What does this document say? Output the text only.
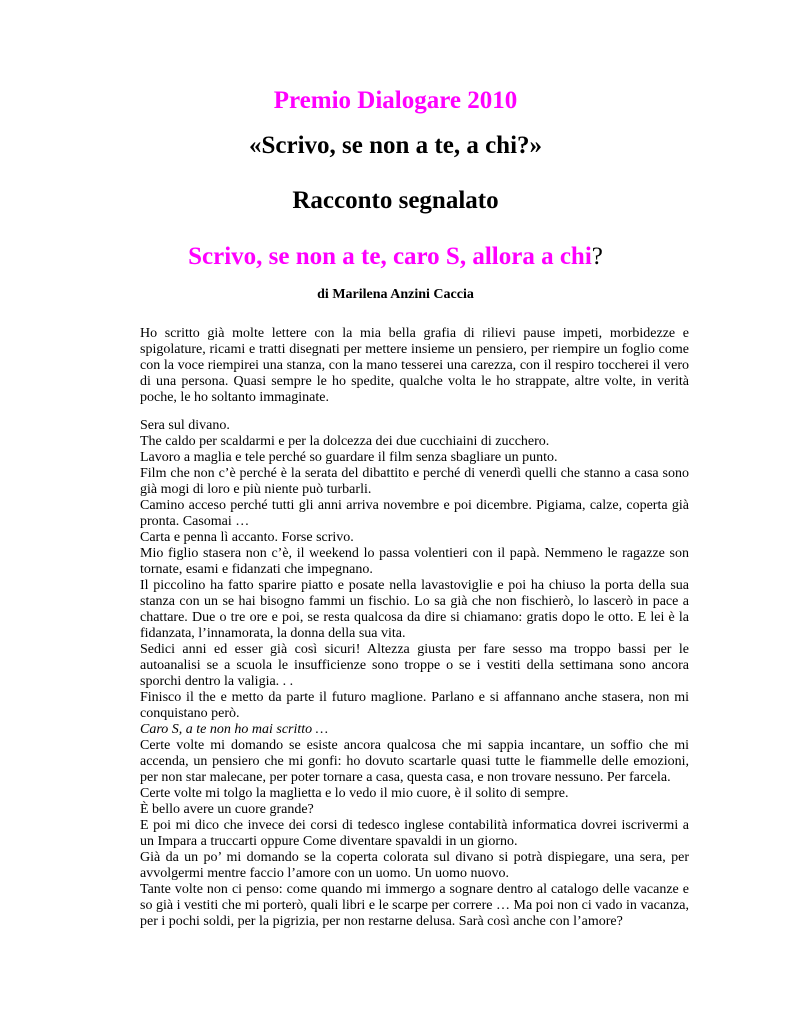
Premio Dialogare 2010
«Scrivo, se non a te, a chi?»
Racconto segnalato
Scrivo, se non a te, caro S, allora a chi?
di Marilena Anzini Caccia
Ho scritto già molte lettere con la mia bella grafia di rilievi pause impeti, morbidezze e spigolature, ricami e tratti disegnati per mettere insieme un pensiero, per riempire un foglio come con la voce riempirei una stanza, con la mano tesserei una carezza, con il respiro toccherei il vero di una persona. Quasi sempre le ho spedite, qualche volta le ho strappate, altre volte, in verità poche, le ho soltanto immaginate.
Sera sul divano.
The caldo per scaldarmi e per la dolcezza dei due cucchiaini di zucchero.
Lavoro a maglia e tele perché so guardare il film senza sbagliare un punto.
Film che non c’è perché è la serata del dibattito e perché di venerdì quelli che stanno a casa sono già mogi di loro e più niente può turbarli.
Camino acceso perché tutti gli anni arriva novembre e poi dicembre. Pigiama, calze, coperta già pronta. Casomai …
Carta e penna lì accanto. Forse scrivo.
Mio figlio stasera non c’è, il weekend lo passa volentieri con il papà. Nemmeno le ragazze son tornate, esami e fidanzati che impegnano.
Il piccolino ha fatto sparire piatto e posate nella lavastoviglie e poi ha chiuso la porta della sua stanza con un se hai bisogno fammi un fischio. Lo sa già che non fischierò, lo lascerò in pace a chattare. Due o tre ore e poi, se resta qualcosa da dire si chiamano: gratis dopo le otto. E lei è la fidanzata, l’innamorata, la donna della sua vita.
Sedici anni ed esser già così sicuri! Altezza giusta per fare sesso ma troppo bassi per le autoanalisi se a scuola le insufficienze sono troppe o se i vestiti della settimana sono ancora sporchi dentro la valigia. . .
Finisco il the e metto da parte il futuro maglione. Parlano e si affannano anche stasera, non mi conquistano però.
Caro S, a te non ho mai scritto …
Certe volte mi domando se esiste ancora qualcosa che mi sappia incantare, un soffio che mi accenda, un pensiero che mi gonfi: ho dovuto scartarle quasi tutte le fiammelle delle emozioni, per non star malecane, per poter tornare a casa, questa casa, e non trovare nessuno. Per farcela.
Certe volte mi tolgo la maglietta e lo vedo il mio cuore, è il solito di sempre.
È bello avere un cuore grande?
E poi mi dico che invece dei corsi di tedesco inglese contabilità informatica dovrei iscrivermi a un Impara a truccarti oppure Come diventare spavaldi in un giorno.
Già da un po’ mi domando se la coperta colorata sul divano si potrà dispiegare, una sera, per avvolgermi mentre faccio l’amore con un uomo. Un uomo nuovo.
Tante volte non ci penso: come quando mi immergo a sognare dentro al catalogo delle vacanze e so già i vestiti che mi porterò, quali libri e le scarpe per correre … Ma poi non ci vado in vacanza, per i pochi soldi, per la pigrizia, per non restarne delusa. Sarà così anche con l’amore?
